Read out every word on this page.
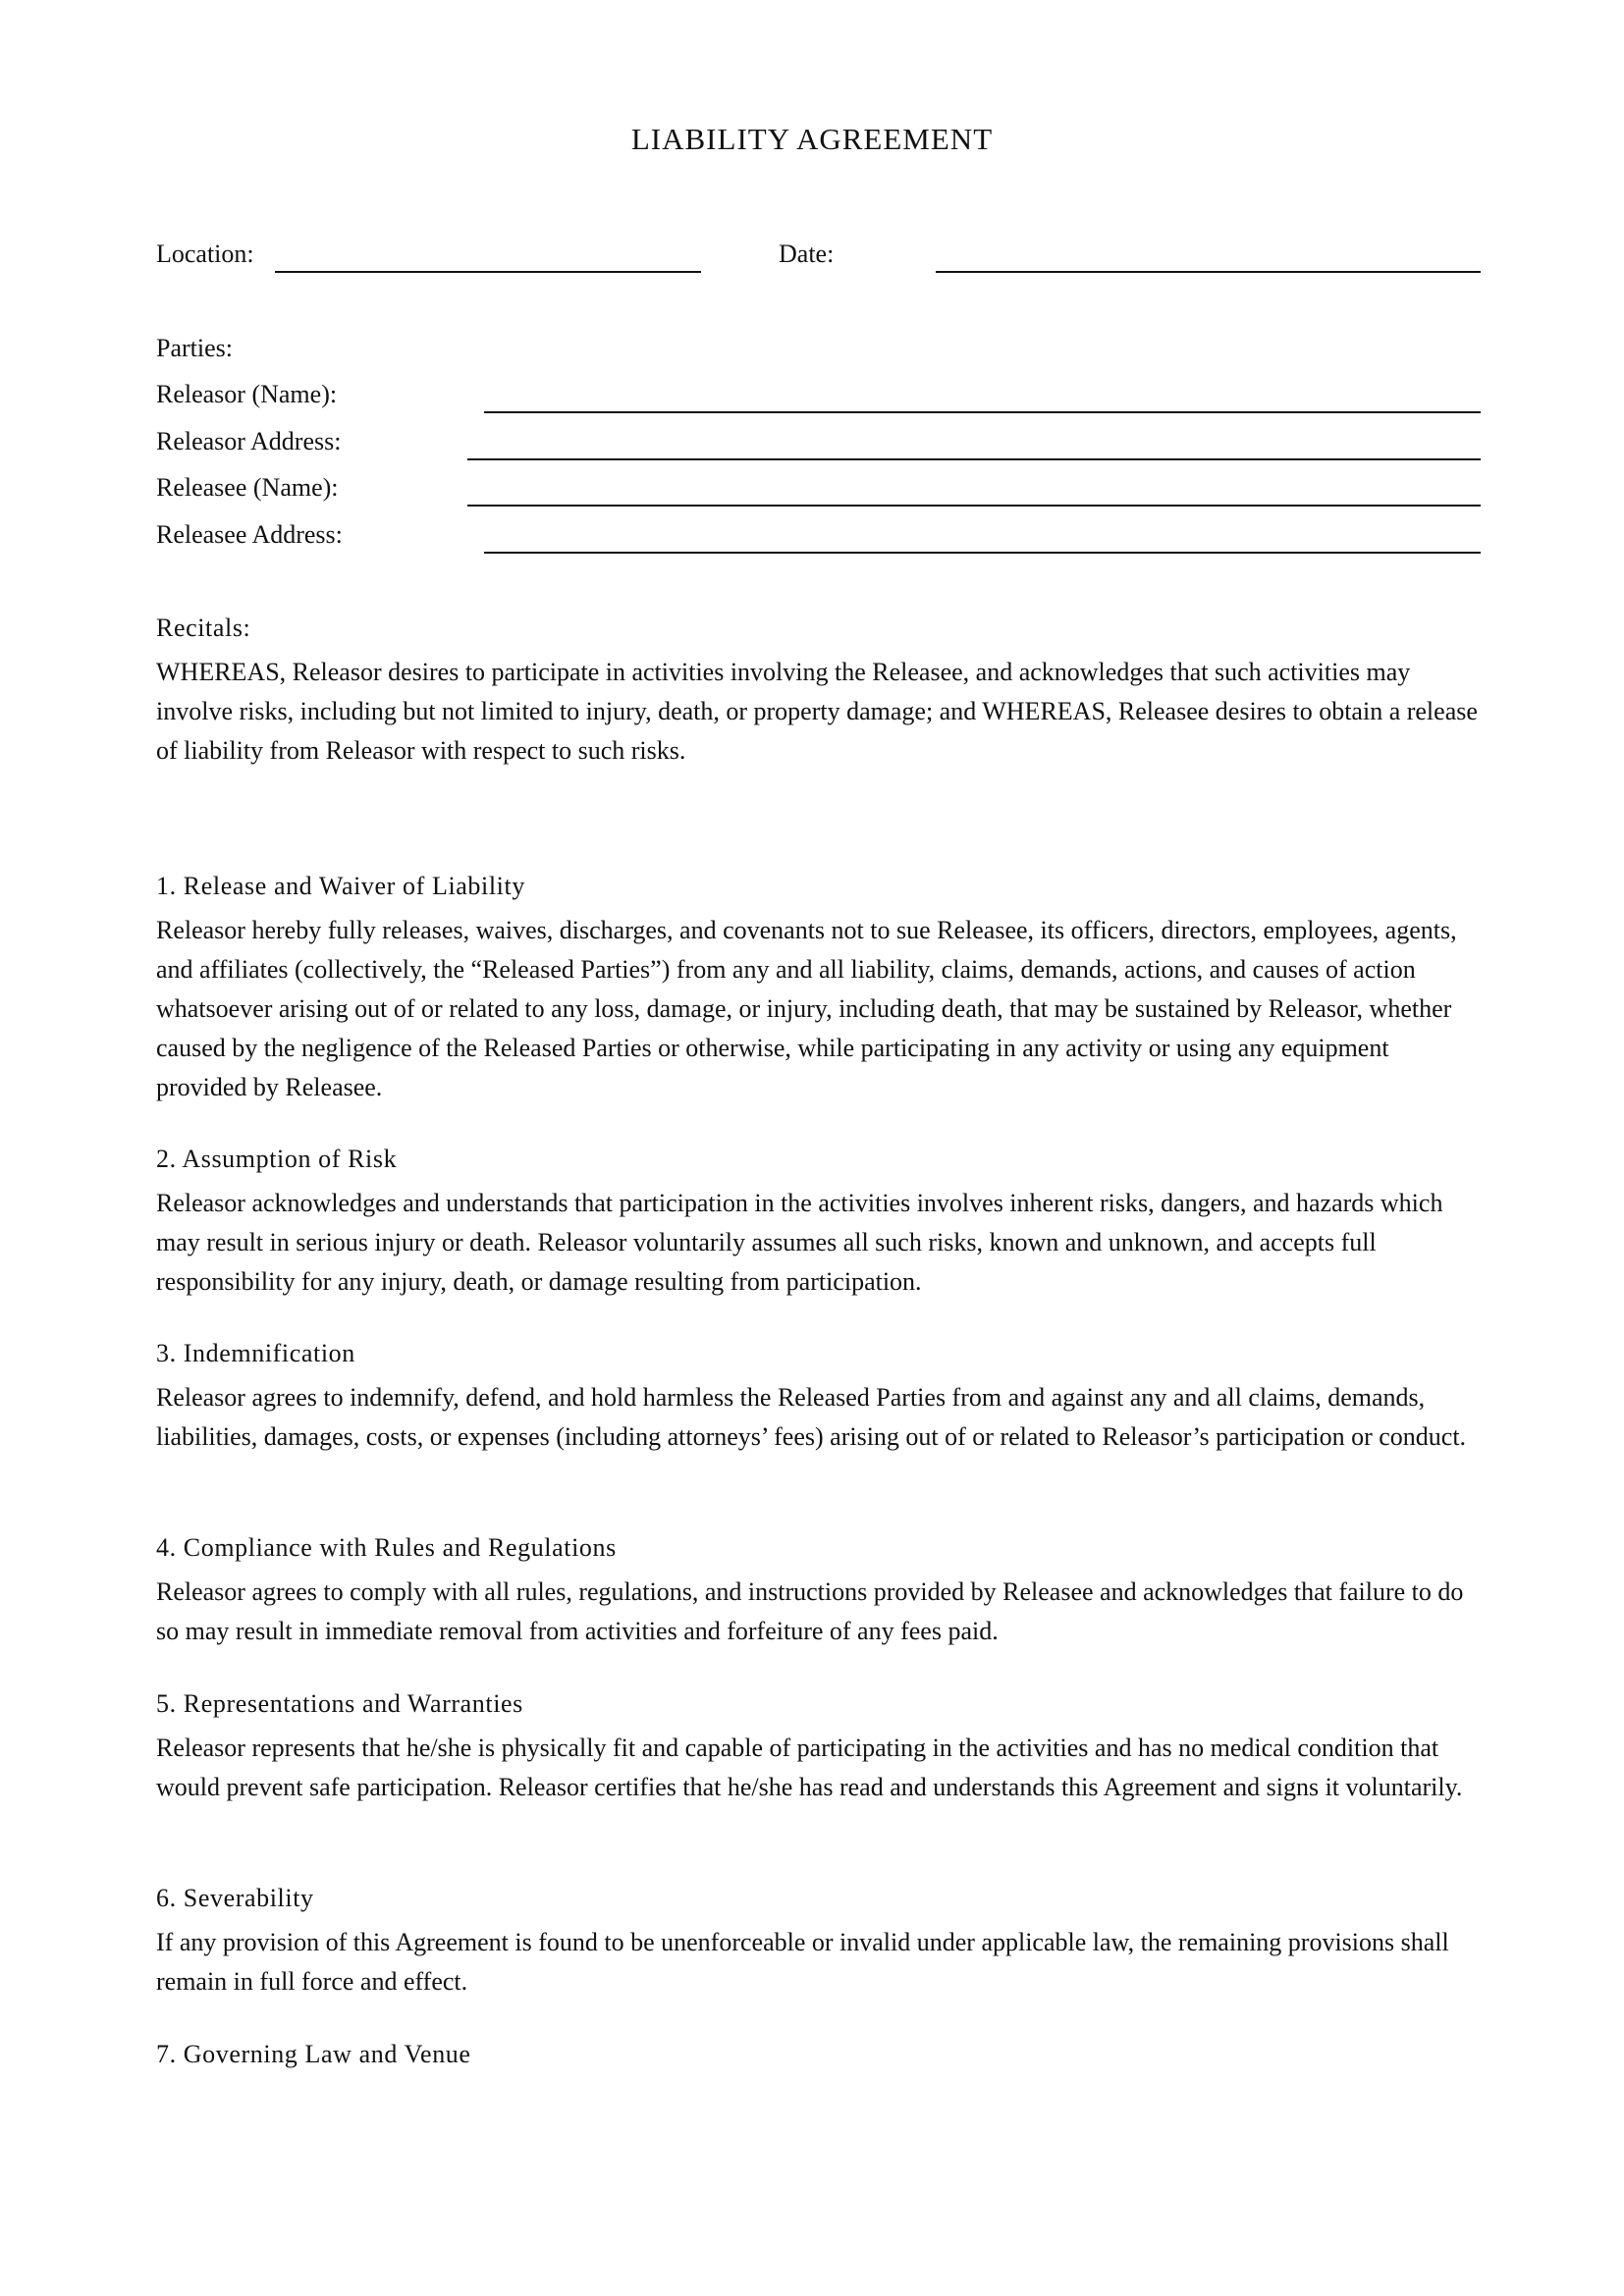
LIABILITY AGREEMENT
Location:	Date:
Parties:
Releasor (Name):
Releasor Address:
Releasee (Name):
Releasee Address:
Recitals:

WHEREAS, Releasor desires to participate in activities involving the Releasee, and acknowledges that such activities may involve risks, including but not limited to injury, death, or property damage; and WHEREAS, Releasee desires to obtain a release of liability from Releasor with respect to such risks.

1. Release and Waiver of Liability

Releasor hereby fully releases, waives, discharges, and covenants not to sue Releasee, its officers, directors, employees, agents, and affiliates (collectively, the “Released Parties”) from any and all liability, claims, demands, actions, and causes of action whatsoever arising out of or related to any loss, damage, or injury, including death, that may be sustained by Releasor, whether caused by the negligence of the Released Parties or otherwise, while participating in any activity or using any equipment provided by Releasee.

2. Assumption of Risk

Releasor acknowledges and understands that participation in the activities involves inherent risks, dangers, and hazards which may result in serious injury or death. Releasor voluntarily assumes all such risks, known and unknown, and accepts full responsibility for any injury, death, or damage resulting from participation.

3. Indemnification

Releasor agrees to indemnify, defend, and hold harmless the Released Parties from and against any and all claims, demands, liabilities, damages, costs, or expenses (including attorneys’ fees) arising out of or related to Releasor’s participation or conduct.

4. Compliance with Rules and Regulations

Releasor agrees to comply with all rules, regulations, and instructions provided by Releasee and acknowledges that failure to do so may result in immediate removal from activities and forfeiture of any fees paid.

5. Representations and Warranties

Releasor represents that he/she is physically fit and capable of participating in the activities and has no medical condition that would prevent safe participation. Releasor certifies that he/she has read and understands this Agreement and signs it voluntarily.

6. Severability

If any provision of this Agreement is found to be unenforceable or invalid under applicable law, the remaining provisions shall remain in full force and effect.

7. Governing Law and Venue
